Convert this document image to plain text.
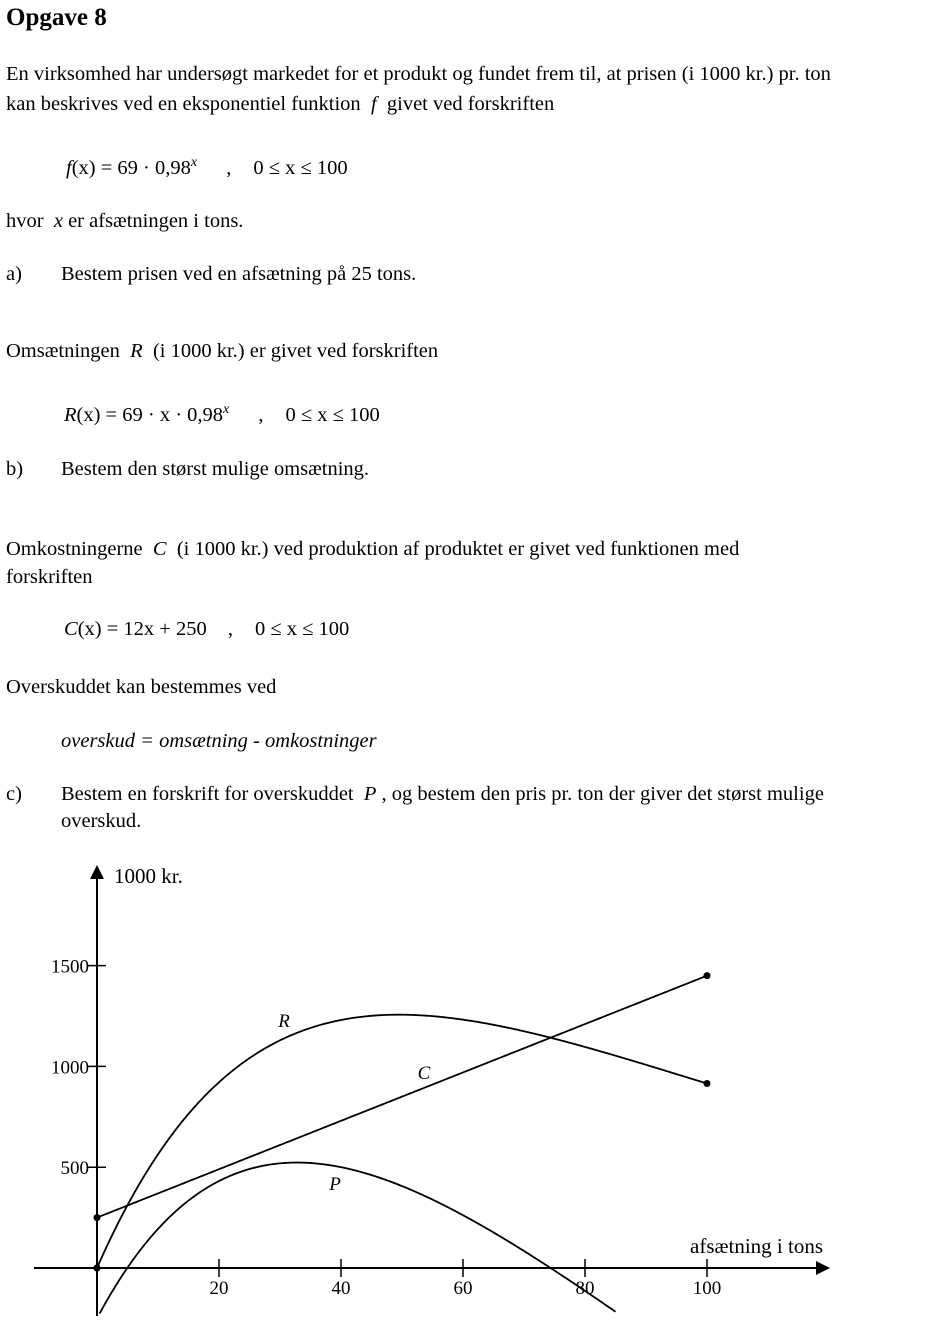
Opgave 8
En virksomhed har undersøgt markedet for et produkt og fundet frem til, at prisen (i 1000 kr.) pr. ton
kan beskrives ved en eksponentiel funktion f givet ved forskriften
$f(x) = 69 \cdot 0,98^x$ , 0 ≤ x ≤ 100
hvor x er afsætningen i tons.
a) Bestem prisen ved en afsætning på 25 tons.
Omsætningen R (i 1000 kr.) er givet ved forskriften
$R(x) = 69 \cdot x \cdot 0,98^x$ , 0 ≤ x ≤ 100
b) Bestem den størst mulige omsætning.
Omkostningerne C (i 1000 kr.) ved produktion af produktet er givet ved funktionen med
forskriften
C(x) = 12x + 250 , 0 ≤ x ≤ 100
Overskuddet kan bestemmes ved
overskud = omsætning - omkostninger
c) Bestem en forskrift for overskuddet P , og bestem den pris pr. ton der giver det størst mulige
overskud.
20	40	60	80	100
500
1000
1500
1000 kr.
afsætning i tons
R
C
P
